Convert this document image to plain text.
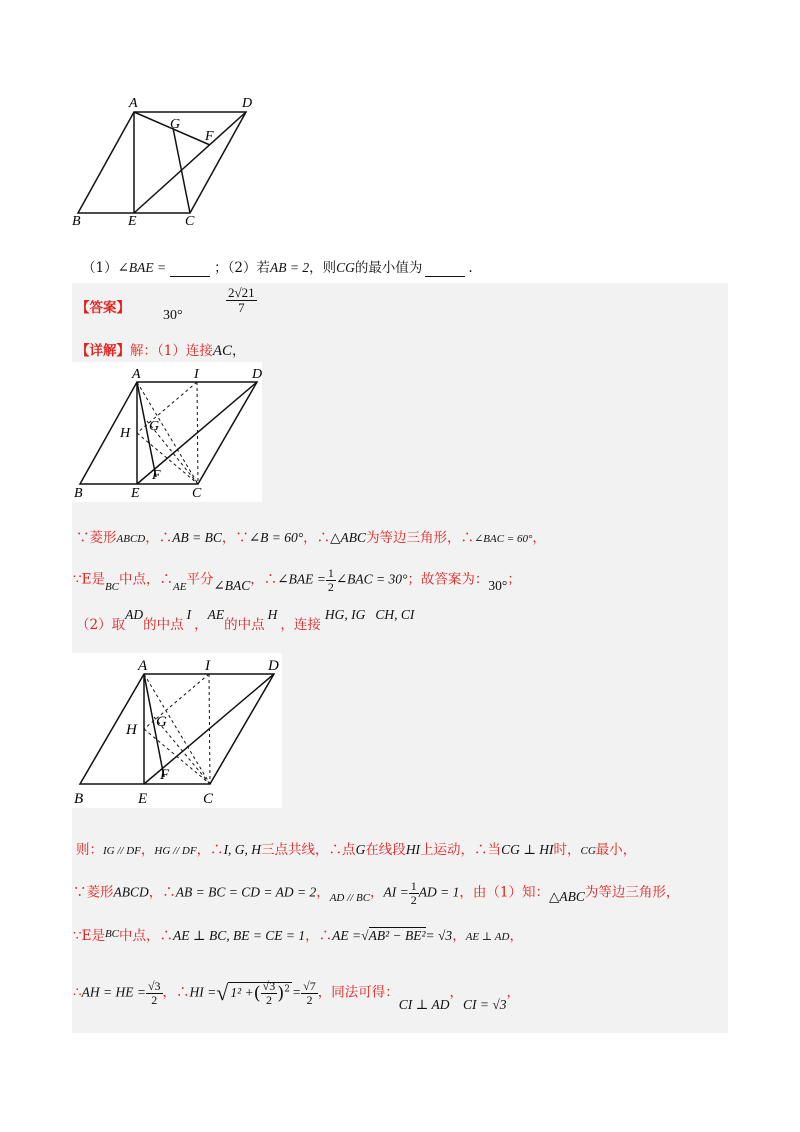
A	D
G
F
B	E	C
（1）∠BAE =	；（2）若AB = 2，则CG的最小值为	.
【答案】 30°
$\frac{2√21}{7}$
【详解】解：（1）连接AC，
A	I	D
H G
F
B	E	C
∵菱形ABCD，∴AB = BC，∵∠B = 60°，∴△ABC为等边三角形，∴∠BAC = 60°，
∵E是$_{BC}$中点，$\therefore_{AE}$平分∠BAC，∴∠BAE = $\frac{1}{2}$ ∠BAC = 30°；故答案为：30°；
（2）取AD的中点I，AE的中点H，连接HG, IG CH, CI
A	I	D
H G
F
B	E	C
则：IG // DF，HG // DF，∴I, G, H三点共线，∴点G在线段HI上运动，∴当CG ⊥ HI时，CG最小，
∵菱形ABCD，∴AB = BC = CD = AD = 2，$_{AD // BC}$，AI = $\frac{1}{2}$ AD = 1，由（1）知：△ABC为等边三角形，
∵E是$^{BC}$中点，∴AE ⊥ BC, BE = CE = 1，∴AE =√AB² − BE²= √3，AE ⊥ AD，
∴AH = HE = $\frac{√3}{2}$ ，∴HI =√ 1² +( $\frac{√3}{2} )^2 = \frac{√7}{2}$ ，同法可得：CI ⊥ AD，CI = √3，
